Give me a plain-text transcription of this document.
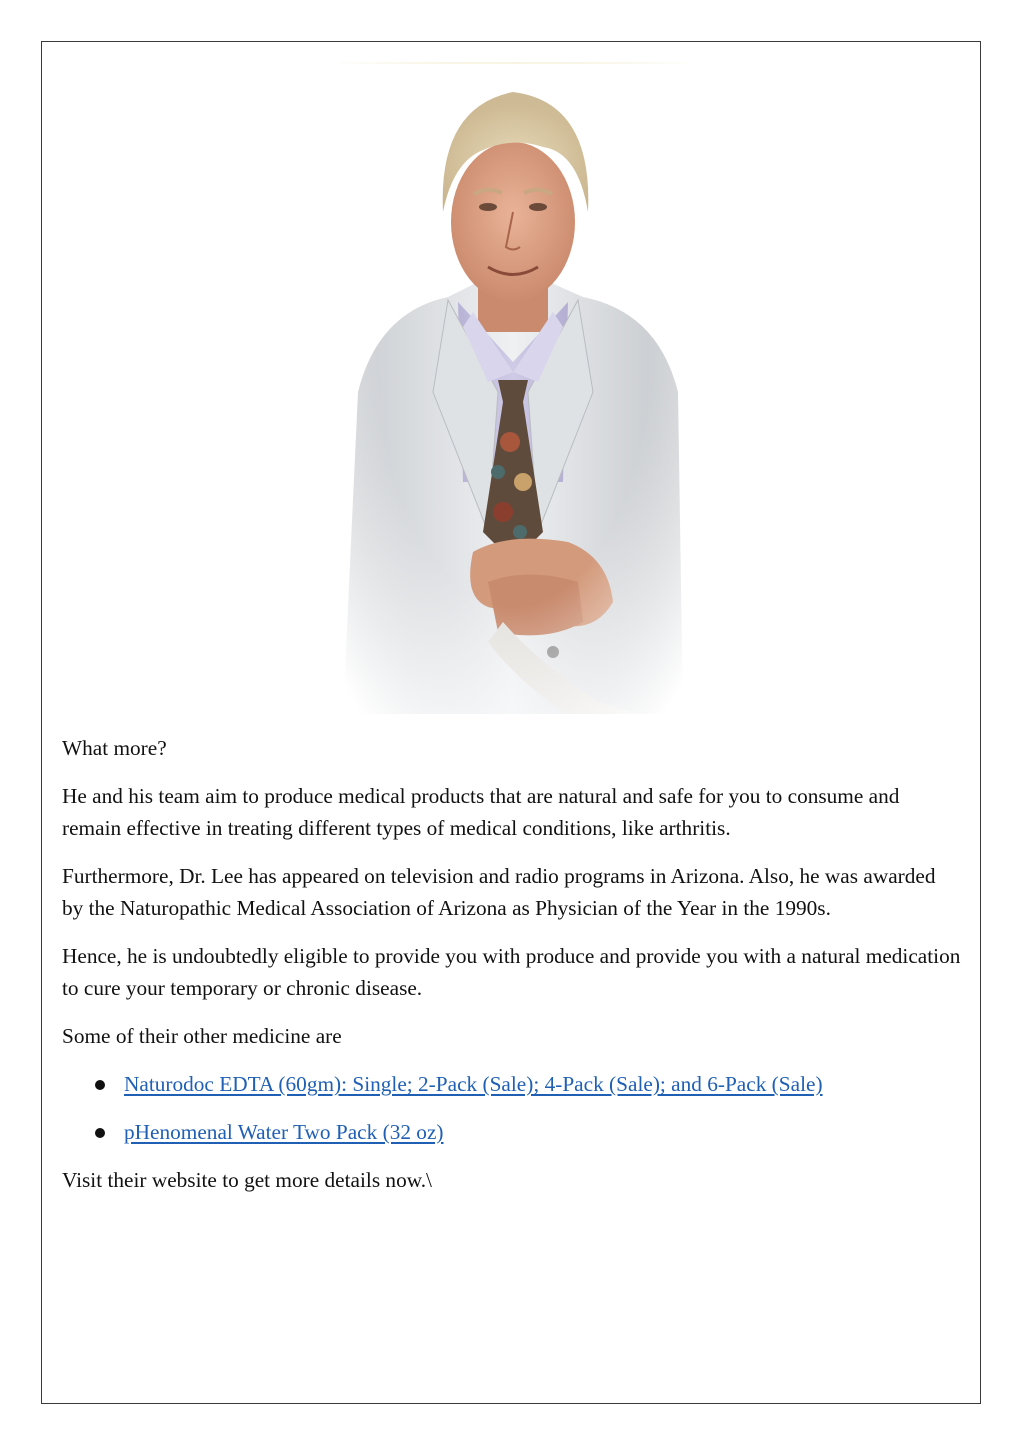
What more?

He and his team aim to produce medical products that are natural and safe for you to consume and remain effective in treating different types of medical conditions, like arthritis.

Furthermore, Dr. Lee has appeared on television and radio programs in Arizona. Also, he was awarded by the Naturopathic Medical Association of Arizona as Physician of the Year in the 1990s.

Hence, he is undoubtedly eligible to provide you with produce and provide you with a natural medication to cure your temporary or chronic disease.

Some of their other medicine are

Naturodoc EDTA (60gm): Single; 2-Pack (Sale); 4-Pack (Sale); and 6-Pack (Sale)
pHenomenal Water Two Pack (32 oz)

Visit their website to get more details now.\
